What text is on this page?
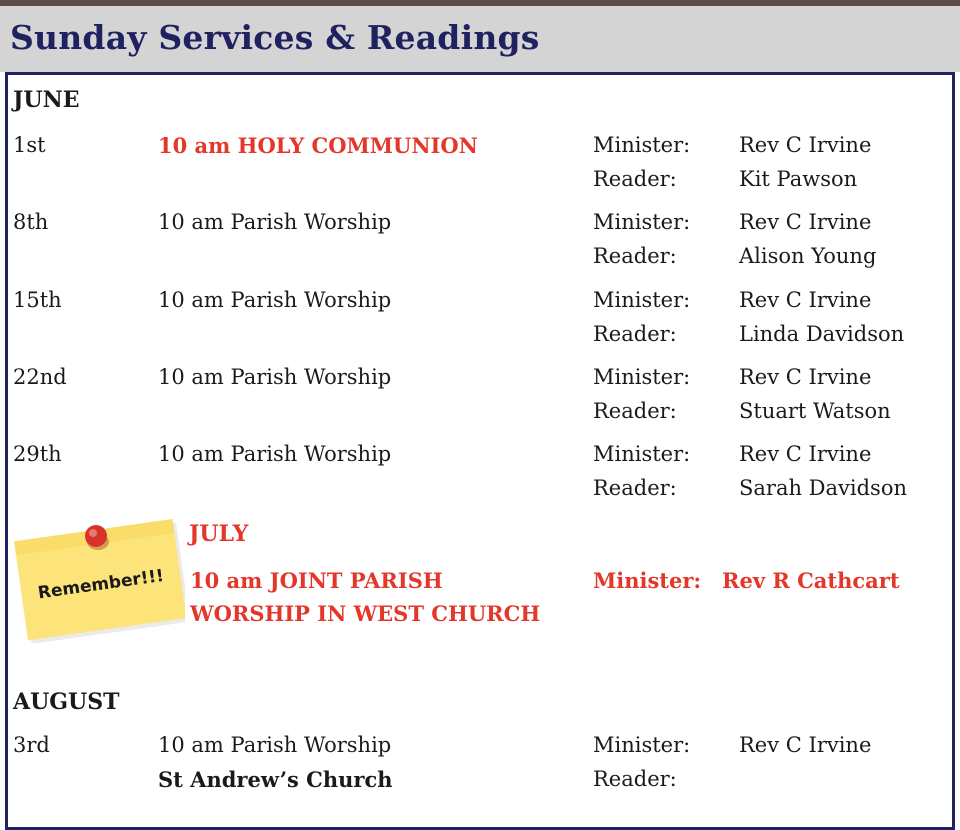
Sunday Services & Readings
JUNE
1st	10 am HOLY COMMUNION	Minister: Rev C Irvine
Reader:	Kit Pawson
8th	10 am Parish Worship	Minister: Rev C Irvine
Reader:	Alison Young
15th	10 am Parish Worship	Minister: Rev C Irvine
Reader:	Linda Davidson
22nd	10 am Parish Worship	Minister: Rev C Irvine
Reader:	Stuart Watson
29th	10 am Parish Worship	Minister: Rev C Irvine
Reader:	Sarah Davidson
Remember!!!
JULY
10 am JOINT PARISH
WORSHIP IN WEST CHURCH
Minister: Rev R Cathcart
AUGUST
3rd	10 am Parish Worship
St Andrew’s Church
Minister: Rev C Irvine
Reader:
